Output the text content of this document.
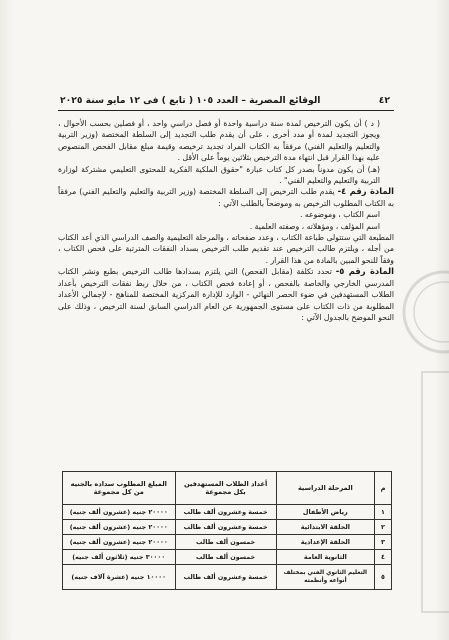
٤٢
الوقائع المصرية – العدد ١٠٥ ( تابع ) فى ١٢ مايو سنة ٢٠٢٥

( د ) أن يكون الترخيص لمدة سنة دراسية واحدة أو فصل دراسي واحد ، أو فصلين بحسب الأحوال ، ويجوز التجديد لمدة أو مدد أخرى ، على أن يقدم طلب التجديد إلى السلطة المختصة (وزير التربية والتعليم والتعليم الفني) مرفقاً به الكتاب المراد تجديد ترخيصه وقيمة مبلغ مقابل الفحص المنصوص عليه بهذا القرار قبل انتهاء مدة الترخيص بثلاثين يوماً على الأقل .

(هـ) أن يكون مدوناً بصدر كل كتاب عبارة "حقوق الملكية الفكرية للمحتوى التعليمي مشتركة لوزارة التربية والتعليم والتعليم الفني" .

المادة رقم ٤- يقدم طلب الترخيص إلى السلطة المختصة (وزير التربية والتعليم والتعليم الفني) مرفقاً به الكتاب المطلوب الترخيص به وموضحاً بالطلب الآتي :

اسم الكتاب ، وموضوعه .

اسم المؤلف ، ومؤهلاته ، وصفته العلمية .

المطبعة التي ستتولى طباعة الكتاب ، وعدد صفحاته ، والمرحلة التعليمية والصف الدراسي الذي أعد الكتاب من أجله ، ويلتزم طالب الترخيص عند تقديم طلب الترخيص بسداد النفقات المترتبة على فحص الكتاب ، وفقاً للنحو المبين بالمادة من هذا القرار .

المادة رقم ٥- تحدد تكلفة (مقابل الفحص) التي يلتزم بسدادها طالب الترخيص بطبع ونشر الكتاب المدرسي الخارجي والخاصة بالفحص ، أو إعادة فحص الكتاب ، من خلال ربط نفقات الترخيص بأعداد الطلاب المستهدفين في ضوء الحصر النهائي - الوارد للإدارة المركزية المختصة للمناهج - لإجمالي الأعداد المطلوبة من ذات الكتاب على مستوى الجمهورية عن العام الدراسي السابق لسنة الترخيص ، وذلك على النحو الموضح بالجدول الآتي :

م	المرحلة الدراسية	أعداد الطلاب المستهدفين بكل مجموعة	المبلغ المطلوب سداده بالجنيه من كل مجموعة
١	رياض الأطفال	خمسة وعشرون ألف طالب	٢٠٠٠٠ جنيه (عشرون ألف جنيه)
٢	الحلقة الابتدائية	خمسة وعشرون ألف طالب	٢٠٠٠٠ جنيه (عشرون ألف جنيه)
٣	الحلقة الإعدادية	خمسون ألف طالب	٢٠٠٠٠ جنيه (عشرون ألف جنيه)
٤	الثانوية العامة	خمسون ألف طالب	٣٠٠٠٠ جنيه (ثلاثون ألف جنيه)
٥	التعليم الثانوي الفني بمختلف أنواعه وأنظمته	خمسة وعشرون ألف طالب	١٠٠٠٠ جنيه (عشرة آلاف جنيه)
